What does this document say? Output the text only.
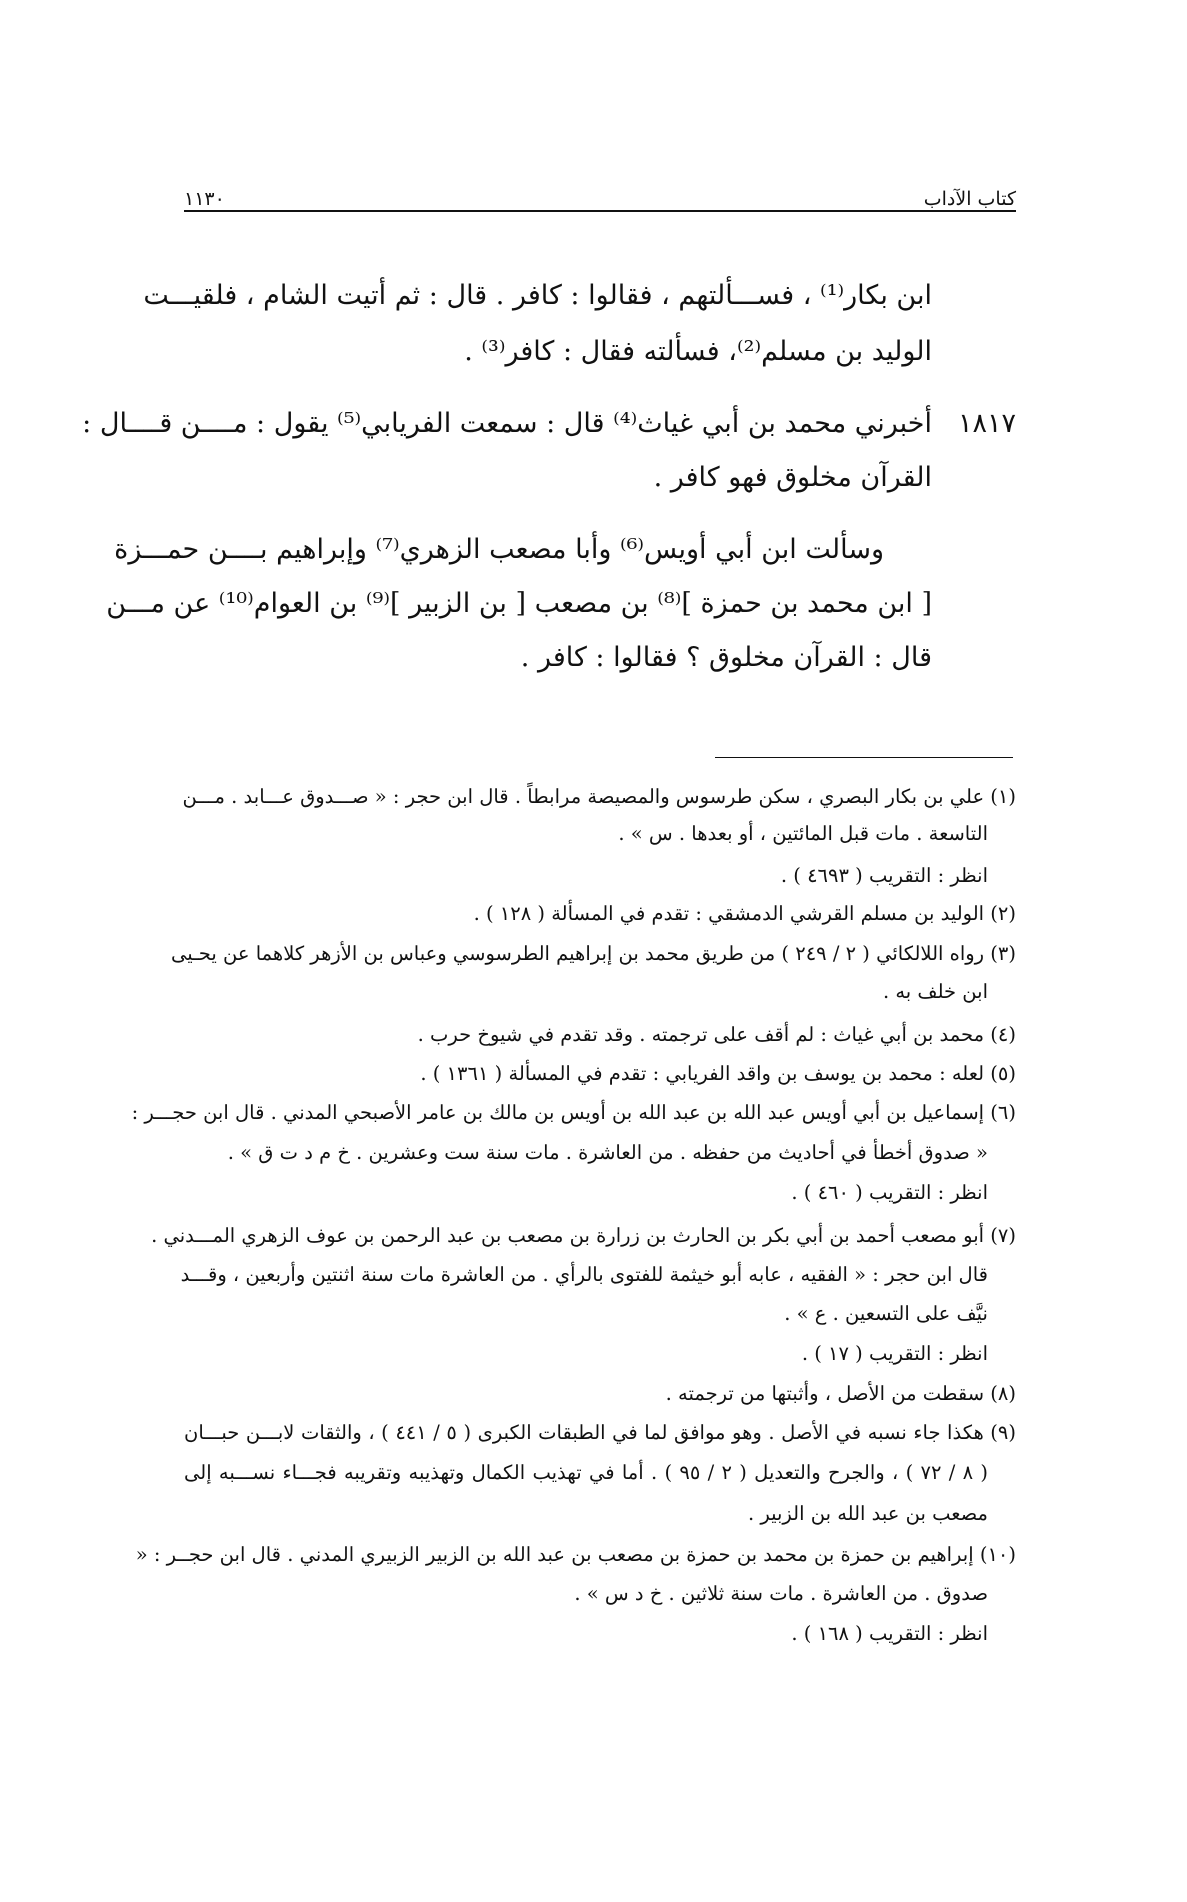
كتاب الآداب
١١٣٠
ابن بكار⁽¹⁾ ، فســـألتهم ، فقالوا : كافر . قال : ثم أتيت الشام ، فلقيـــت
الوليد بن مسلم⁽²⁾، فسألته فقال : كافر⁽³⁾ .
١٨١٧
أخبرني محمد بن أبي غياث⁽⁴⁾ قال : سمعت الفريابي⁽⁵⁾ يقول : مــــن قــــال :
القرآن مخلوق فهو كافر .
وسألت ابن أبي أويس⁽⁶⁾ وأبا مصعب الزهري⁽⁷⁾ وإبراهيم بــــن حمـــزة
[ ابن محمد بن حمزة ]⁽⁸⁾ بن مصعب [ بن الزبير ]⁽⁹⁾ بن العوام⁽¹⁰⁾ عن مـــن
قال : القرآن مخلوق ؟ فقالوا : كافر .
(١) علي بن بكار البصري ، سكن طرسوس والمصيصة مرابطاً . قال ابن حجر : « صـــدوق عـــابد . مـــن
التاسعة . مات قبل المائتين ، أو بعدها . س » .
انظر : التقريب ( ٤٦٩٣ ) .
(٢) الوليد بن مسلم القرشي الدمشقي : تقدم في المسألة ( ١٢٨ ) .
(٣) رواه اللالكائي ( ٢ / ٢٤٩ ) من طريق محمد بن إبراهيم الطرسوسي وعباس بن الأزهر كلاهما عن يحـيى
ابن خلف به .
(٤) محمد بن أبي غياث : لم أقف على ترجمته . وقد تقدم في شيوخ حرب .
(٥) لعله : محمد بن يوسف بن واقد الفريابي : تقدم في المسألة ( ١٣٦١ ) .
(٦) إسماعيل بن أبي أويس عبد الله بن عبد الله بن أويس بن مالك بن عامر الأصبحي المدني . قال ابن حجـــر :
« صدوق أخطأ في أحاديث من حفظه . من العاشرة . مات سنة ست وعشرين . خ م د ت ق » .
انظر : التقريب ( ٤٦٠ ) .
(٧) أبو مصعب أحمد بن أبي بكر بن الحارث بن زرارة بن مصعب بن عبد الرحمن بن عوف الزهري المـــدني .
قال ابن حجر : « الفقيه ، عابه أبو خيثمة للفتوى بالرأي . من العاشرة مات سنة اثنتين وأربعين ، وقـــد
نيَّف على التسعين . ع » .
انظر : التقريب ( ١٧ ) .
(٨) سقطت من الأصل ، وأثبتها من ترجمته .
(٩) هكذا جاء نسبه في الأصل . وهو موافق لما في الطبقات الكبرى ( ٥ / ٤٤١ ) ، والثقات لابـــن حبـــان
( ٨ / ٧٢ ) ، والجرح والتعديل ( ٢ / ٩٥ ) . أما في تهذيب الكمال وتهذيبه وتقريبه فجـــاء نســـبه إلى
مصعب بن عبد الله بن الزبير .
(١٠) إبراهيم بن حمزة بن محمد بن حمزة بن مصعب بن عبد الله بن الزبير الزبيري المدني . قال ابن حجــر : «
صدوق . من العاشرة . مات سنة ثلاثين . خ د س » .
انظر : التقريب ( ١٦٨ ) .
